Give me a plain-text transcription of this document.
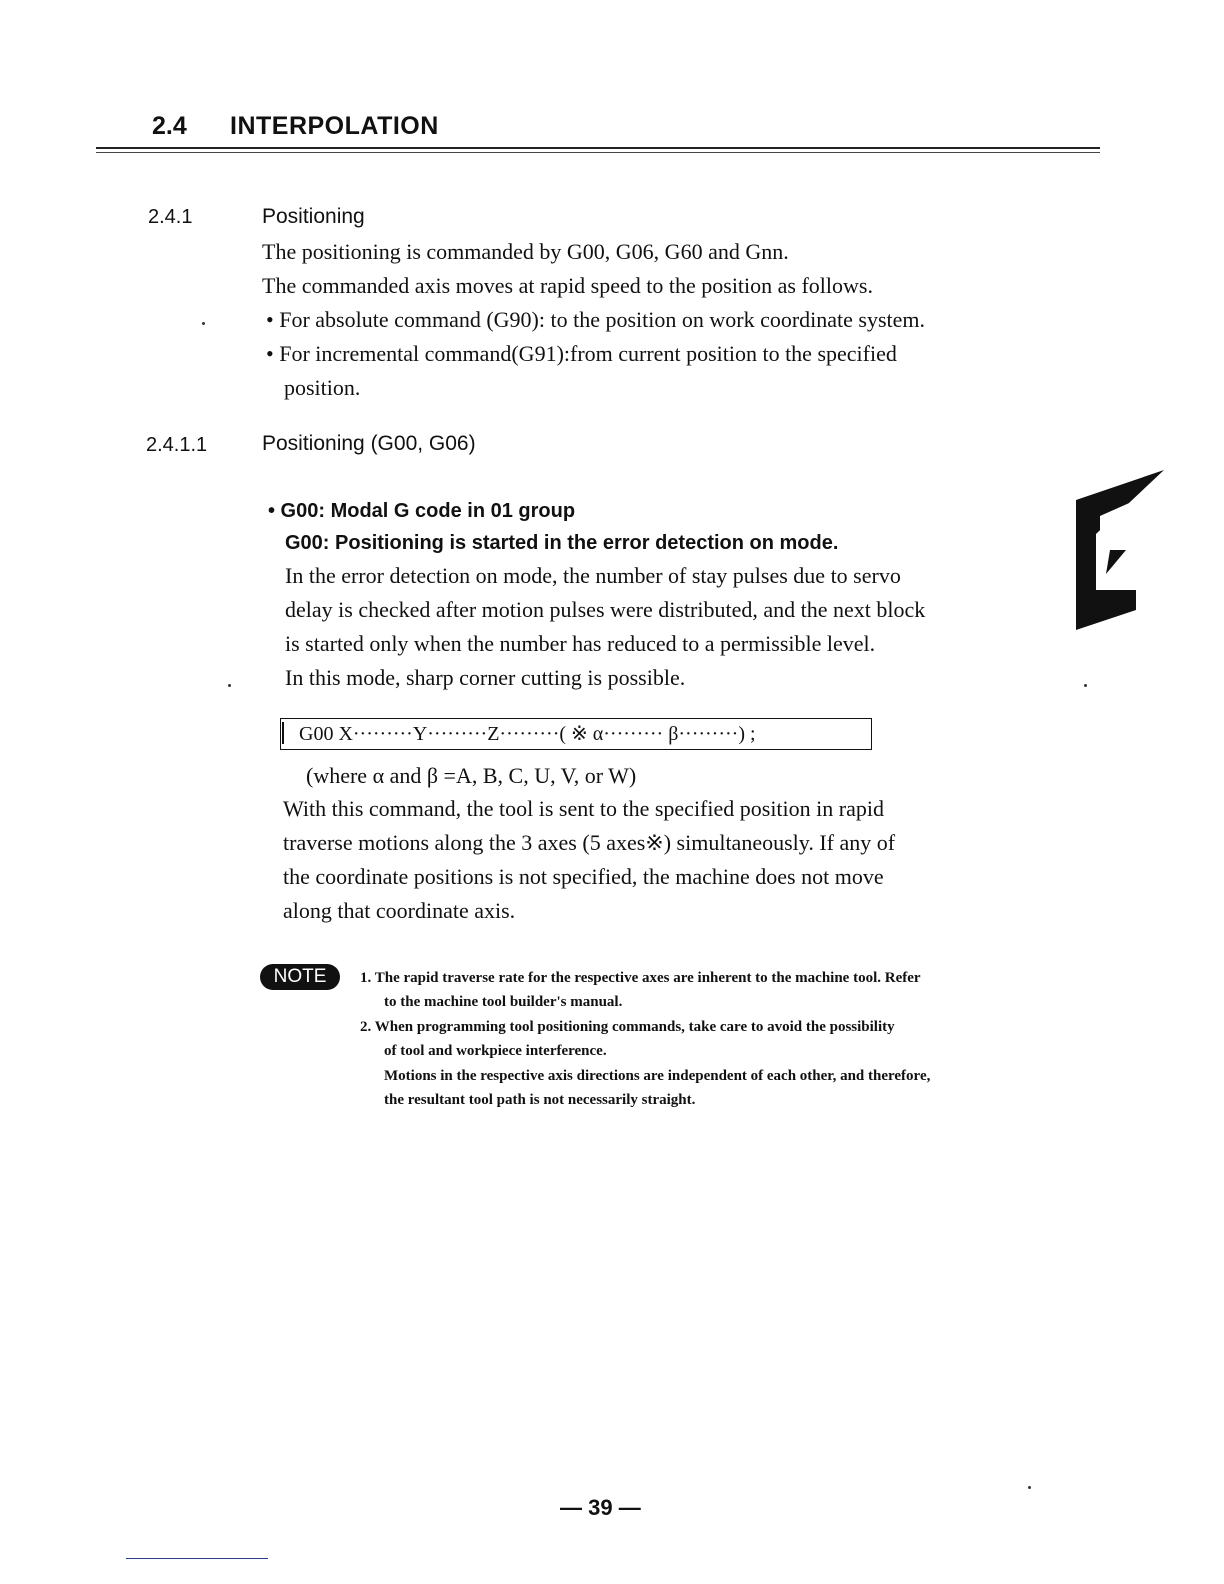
2.4 INTERPOLATION
2.4.1	Positioning
The positioning is commanded by G00, G06, G60 and Gnn.
The commanded axis moves at rapid speed to the position as follows.
• For absolute command (G90): to the position on work coordinate system.
• For incremental command(G91):from current position to the specified
position.
2.4.1.1	Positioning (G00, G06)
• G00: Modal G code in 01 group
G00: Positioning is started in the error detection on mode.
In the error detection on mode, the number of stay pulses due to servo
delay is checked after motion pulses were distributed, and the next block
is started only when the number has reduced to a permissible level.
In this mode, sharp corner cutting is possible.
G00 X·········Y·········Z·········( ※ α········· β·········) ;
(where α and β =A, B, C, U, V, or W)
With this command, the tool is sent to the specified position in rapid
traverse motions along the 3 axes (5 axes※) simultaneously. If any of
the coordinate positions is not specified, the machine does not move
along that coordinate axis.
NOTE	1. The rapid traverse rate for the respective axes are inherent to the machine tool. Refer
to the machine tool builder's manual.
2. When programming tool positioning commands, take care to avoid the possibility
of tool and workpiece interference.
Motions in the respective axis directions are independent of each other, and therefore,
the resultant tool path is not necessarily straight.
— 39 —
